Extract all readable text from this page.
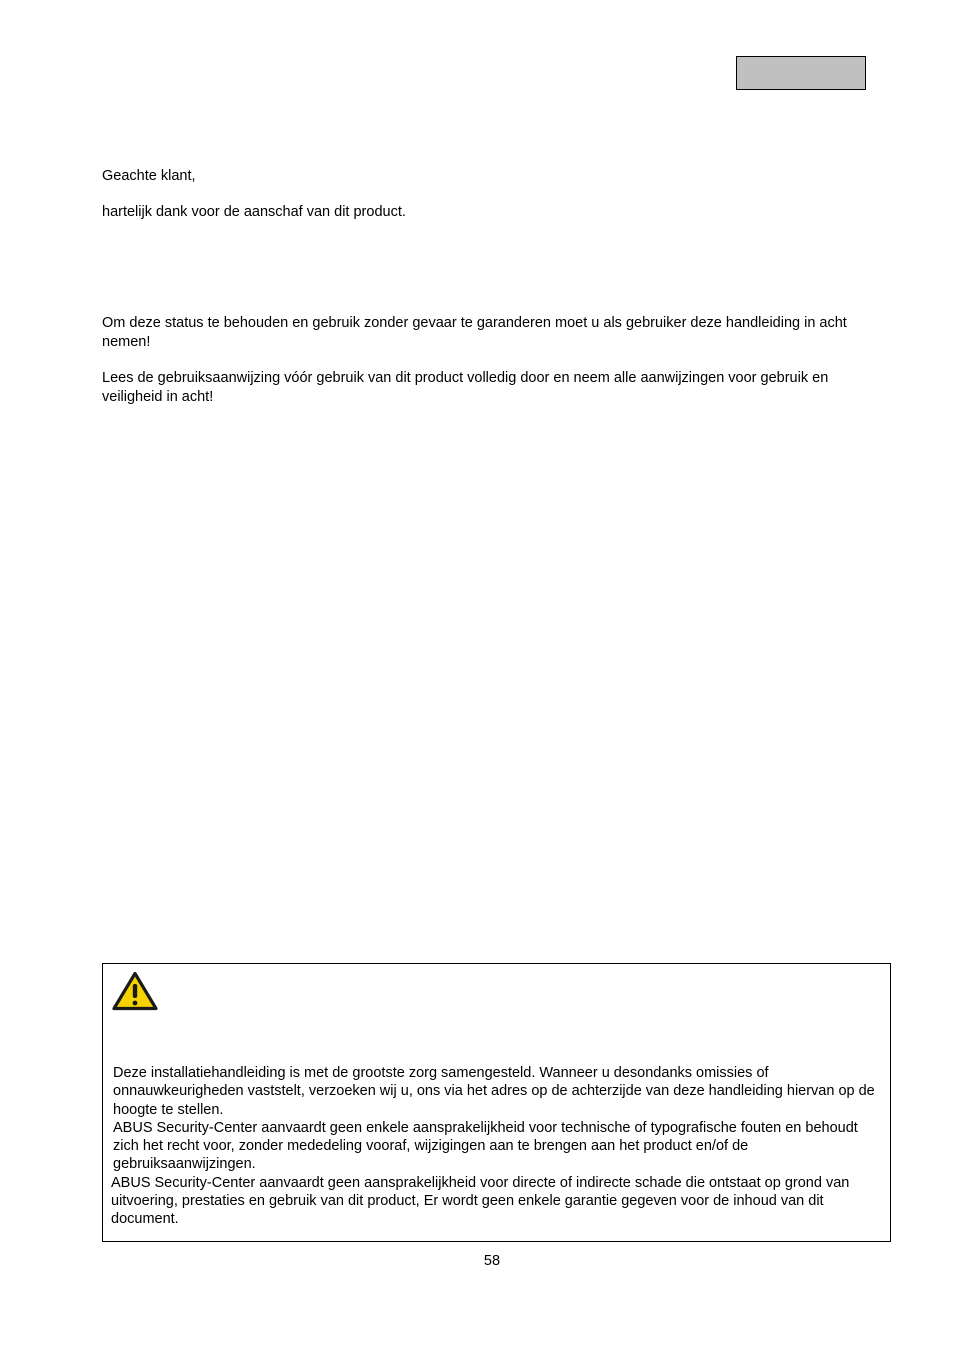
Geachte klant,

hartelijk dank voor de aanschaf van dit product.

Om deze status te behouden en gebruik zonder gevaar te garanderen moet u als gebruiker deze handleiding in acht nemen!

Lees de gebruiksaanwijzing vóór gebruik van dit product volledig door en neem alle aanwijzingen voor gebruik en veiligheid in acht!

Deze installatiehandleiding is met de grootste zorg samengesteld. Wanneer u desondanks omissies of onnauwkeurigheden vaststelt, verzoeken wij u, ons via het adres op de achterzijde van deze handleiding hiervan op de hoogte te stellen.

ABUS Security-Center aanvaardt geen enkele aansprakelijkheid voor technische of typografische fouten en behoudt zich het recht voor, zonder mededeling vooraf, wijzigingen aan te brengen aan het product en/of de gebruiksaanwijzingen.

ABUS Security-Center aanvaardt geen aansprakelijkheid voor directe of indirecte schade die ontstaat op grond van uitvoering, prestaties en gebruik van dit product, Er wordt geen enkele garantie gegeven voor de inhoud van dit document.

58
